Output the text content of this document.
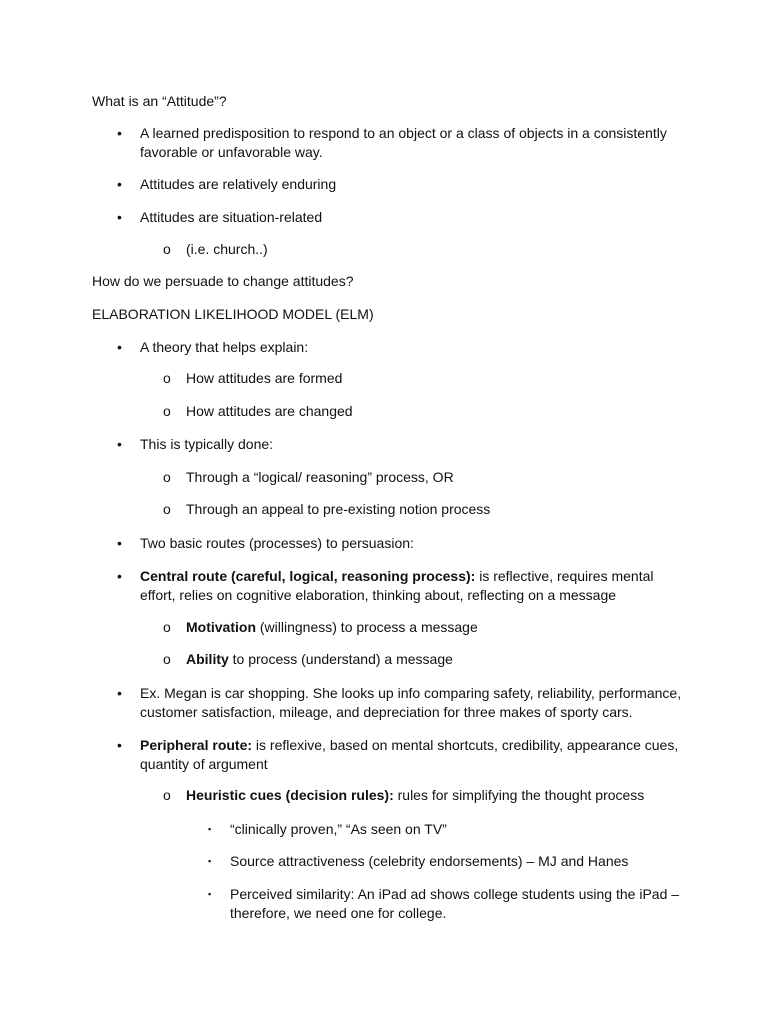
What is an “Attitude”?
• A learned predisposition to respond to an object or a class of objects in a consistently favorable or unfavorable way.
• Attitudes are relatively enduring
• Attitudes are situation-related
o (i.e. church..)
How do we persuade to change attitudes?
ELABORATION LIKELIHOOD MODEL (ELM)
• A theory that helps explain:
o How attitudes are formed
o How attitudes are changed
• This is typically done:
o Through a “logical/ reasoning” process, OR
o Through an appeal to pre-existing notion process
• Two basic routes (processes) to persuasion:
• Central route (careful, logical, reasoning process): is reflective, requires mental effort, relies on cognitive elaboration, thinking about, reflecting on a message
o Motivation (willingness) to process a message
o Ability to process (understand) a message
• Ex. Megan is car shopping. She looks up info comparing safety, reliability, performance, customer satisfaction, mileage, and depreciation for three makes of sporty cars.
• Peripheral route: is reflexive, based on mental shortcuts, credibility, appearance cues, quantity of argument
o Heuristic cues (decision rules): rules for simplifying the thought process
▪ “clinically proven,” “As seen on TV”
▪ Source attractiveness (celebrity endorsements) – MJ and Hanes
▪ Perceived similarity: An iPad ad shows college students using the iPad – therefore, we need one for college.
